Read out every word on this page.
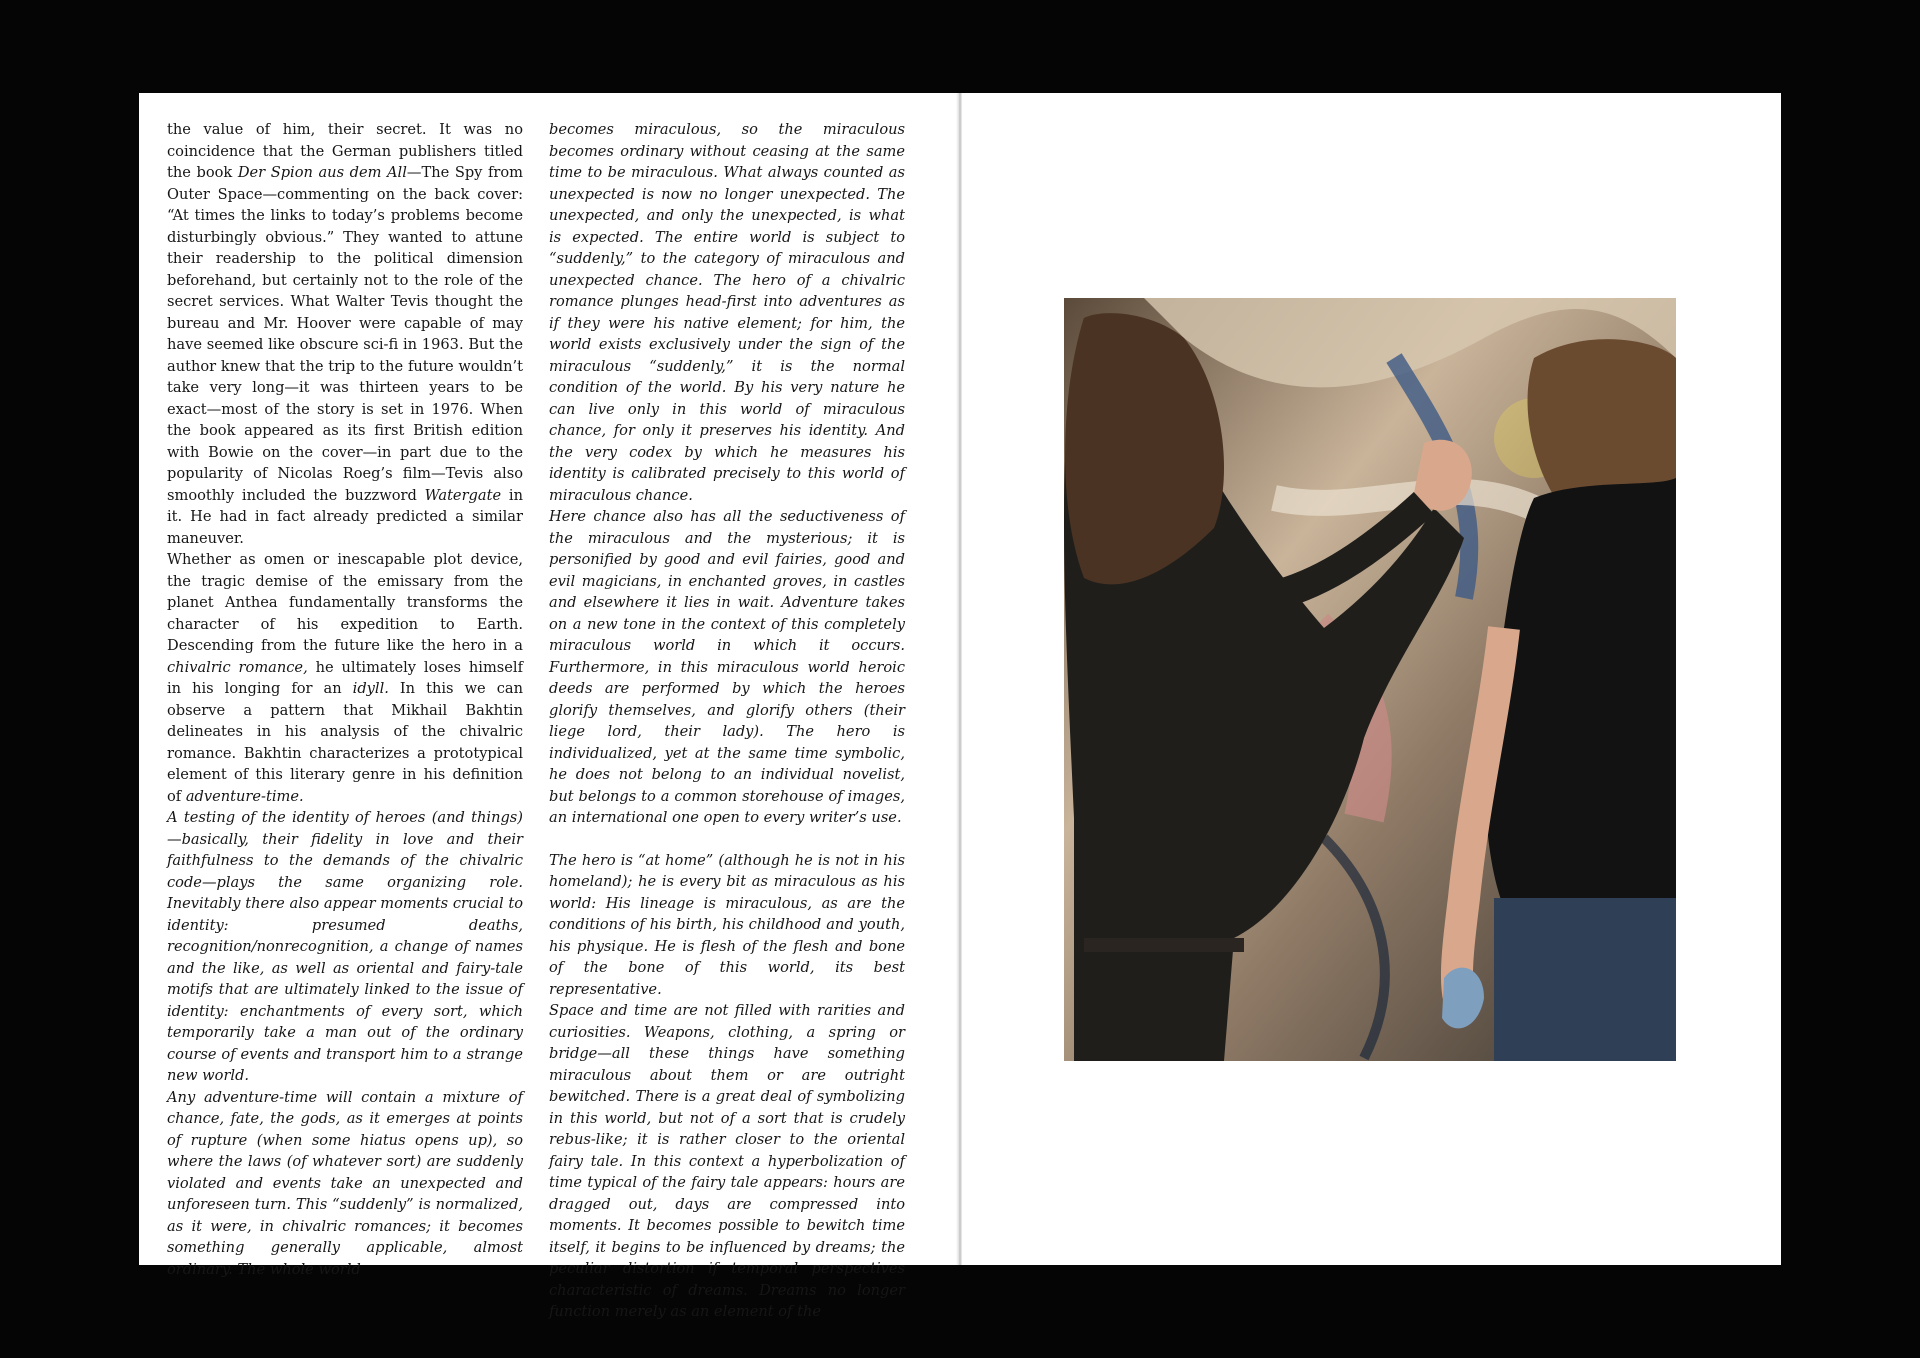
the value of him, their secret. It was no coincidence that the German publishers titled the book Der Spion aus dem All—The Spy from Outer Space—commenting on the back cover: “At times the links to today’s problems become disturbingly obvious.” They wanted to attune their readership to the political dimension beforehand, but certainly not to the role of the secret services. What Walter Tevis thought the bureau and Mr. Hoover were capable of may have seemed like obscure sci-fi in 1963. But the author knew that the trip to the future wouldn’t take very long—it was thirteen years to be exact—most of the story is set in 1976. When the book appeared as its first British edition with Bowie on the cover—in part due to the popularity of Nicolas Roeg’s film—Tevis also smoothly included the buzzword Watergate in it. He had in fact already predicted a similar maneuver.

Whether as omen or inescapable plot device, the tragic demise of the emissary from the planet Anthea fundamentally transforms the character of his expedition to Earth. Descending from the future like the hero in a chivalric romance, he ultimately loses himself in his longing for an idyll. In this we can observe a pattern that Mikhail Bakhtin delineates in his analysis of the chivalric romance. Bakhtin characterizes a prototypical element of this literary genre in his definition of adventure-time.

A testing of the identity of heroes (and things)—basically, their fidelity in love and their faithfulness to the demands of the chivalric code—plays the same organizing role. Inevitably there also appear moments crucial to identity: presumed deaths, recognition/nonrecognition, a change of names and the like, as well as oriental and fairy-tale motifs that are ultimately linked to the issue of identity: enchantments of every sort, which temporarily take a man out of the ordinary course of events and transport him to a strange new world.

Any adventure-time will contain a mixture of chance, fate, the gods, as it emerges at points of rupture (when some hiatus opens up), so where the laws (of whatever sort) are suddenly violated and events take an unexpected and unforeseen turn. This “suddenly” is normalized, as it were, in chivalric romances; it becomes something generally applicable, almost ordinary. The whole world

becomes miraculous, so the miraculous becomes ordinary without ceasing at the same time to be miraculous. What always counted as unexpected is now no longer unexpected. The unexpected, and only the unexpected, is what is expected. The entire world is subject to “suddenly,” to the category of miraculous and unexpected chance. The hero of a chivalric romance plunges head-first into adventures as if they were his native element; for him, the world exists exclusively under the sign of the miraculous “suddenly,” it is the normal condition of the world. By his very nature he can live only in this world of miraculous chance, for only it preserves his identity. And the very codex by which he measures his identity is calibrated precisely to this world of miraculous chance.

Here chance also has all the seductiveness of the miraculous and the mysterious; it is personified by good and evil fairies, good and evil magicians, in enchanted groves, in castles and elsewhere it lies in wait. Adventure takes on a new tone in the context of this completely miraculous world in which it occurs. Furthermore, in this miraculous world heroic deeds are performed by which the heroes glorify themselves, and glorify others (their liege lord, their lady). The hero is individualized, yet at the same time symbolic, he does not belong to an individual novelist, but belongs to a common storehouse of images, an international one open to every writer’s use.

The hero is “at home” (although he is not in his homeland); he is every bit as miraculous as his world: His lineage is miraculous, as are the conditions of his birth, his childhood and youth, his physique. He is flesh of the flesh and bone of the bone of this world, its best representative.

Space and time are not filled with rarities and curiosities. Weapons, clothing, a spring or bridge—all these things have something miraculous about them or are outright bewitched. There is a great deal of symbolizing in this world, but not of a sort that is crudely rebus-like; it is rather closer to the oriental fairy tale. In this context a hyperbolization of time typical of the fairy tale appears: hours are dragged out, days are compressed into moments. It becomes possible to bewitch time itself, it begins to be influenced by dreams; the peculiar distortion if temporal perspectives characteristic of dreams. Dreams no longer function merely as an element of the
